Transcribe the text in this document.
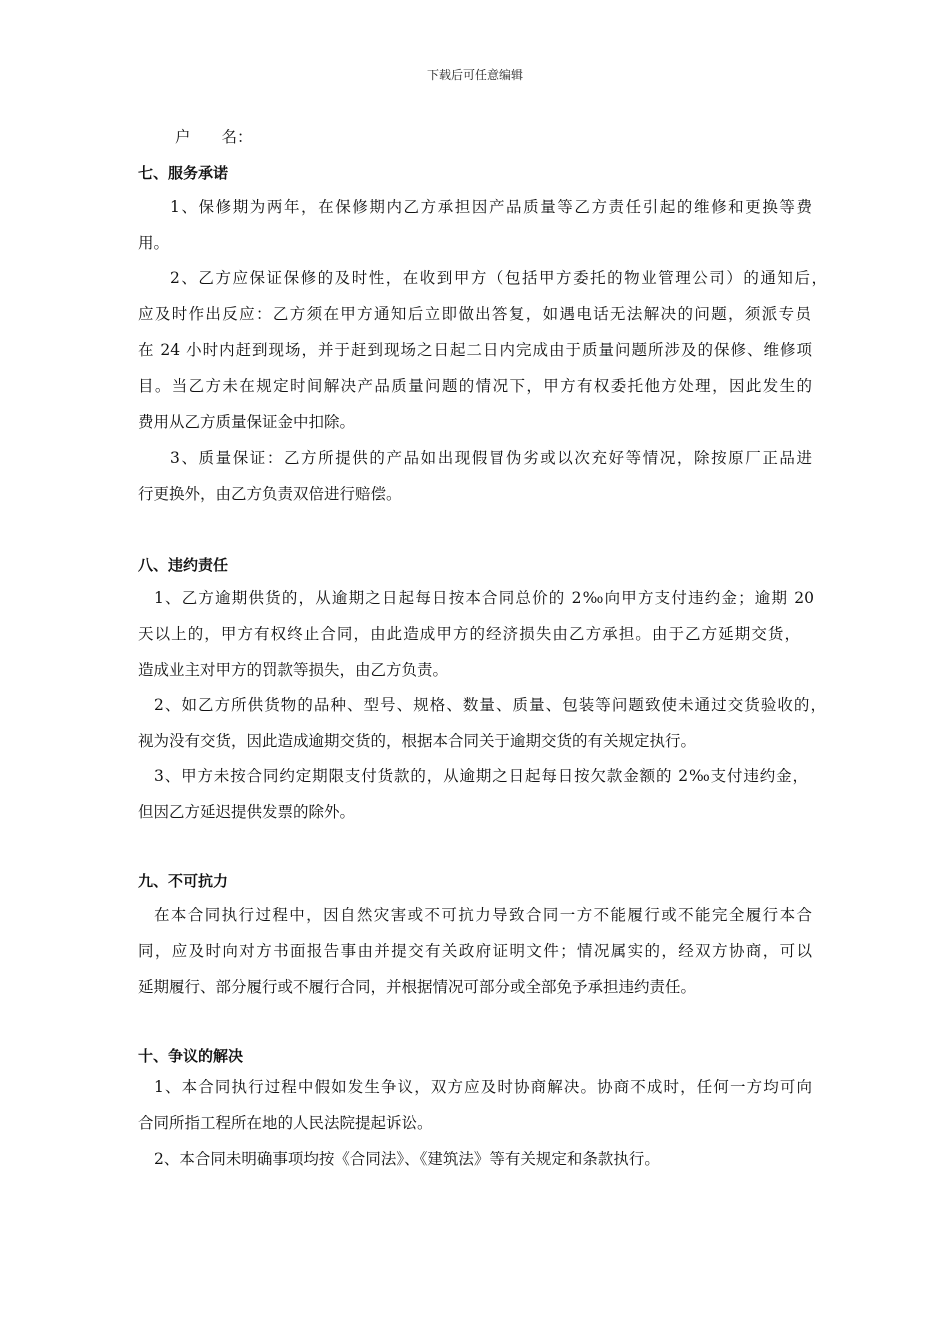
下载后可任意编辑
户　　名：
七、服务承诺
1、保修期为两年，在保修期内乙方承担因产品质量等乙方责任引起的维修和更换等费
用。
2、乙方应保证保修的及时性，在收到甲方（包括甲方委托的物业管理公司）的通知后，
应及时作出反应：乙方须在甲方通知后立即做出答复，如遇电话无法解决的问题，须派专员
在 24 小时内赶到现场，并于赶到现场之日起二日内完成由于质量问题所涉及的保修、维修项
目。当乙方未在规定时间解决产品质量问题的情况下，甲方有权委托他方处理，因此发生的
费用从乙方质量保证金中扣除。
3、质量保证：乙方所提供的产品如出现假冒伪劣或以次充好等情况，除按原厂正品进
行更换外，由乙方负责双倍进行赔偿。
八、违约责任
1、乙方逾期供货的，从逾期之日起每日按本合同总价的 2‰向甲方支付违约金；逾期 20
天以上的，甲方有权终止合同，由此造成甲方的经济损失由乙方承担。由于乙方延期交货，
造成业主对甲方的罚款等损失，由乙方负责。
2、如乙方所供货物的品种、型号、规格、数量、质量、包装等问题致使未通过交货验收的，
视为没有交货，因此造成逾期交货的，根据本合同关于逾期交货的有关规定执行。
3、甲方未按合同约定期限支付货款的，从逾期之日起每日按欠款金额的 2‰支付违约金，
但因乙方延迟提供发票的除外。
九、不可抗力
在本合同执行过程中，因自然灾害或不可抗力导致合同一方不能履行或不能完全履行本合
同，应及时向对方书面报告事由并提交有关政府证明文件；情况属实的，经双方协商，可以
延期履行、部分履行或不履行合同，并根据情况可部分或全部免予承担违约责任。
十、争议的解决
1、本合同执行过程中假如发生争议，双方应及时协商解决。协商不成时，任何一方均可向
合同所指工程所在地的人民法院提起诉讼。
2、本合同未明确事项均按《合同法》、《建筑法》等有关规定和条款执行。
